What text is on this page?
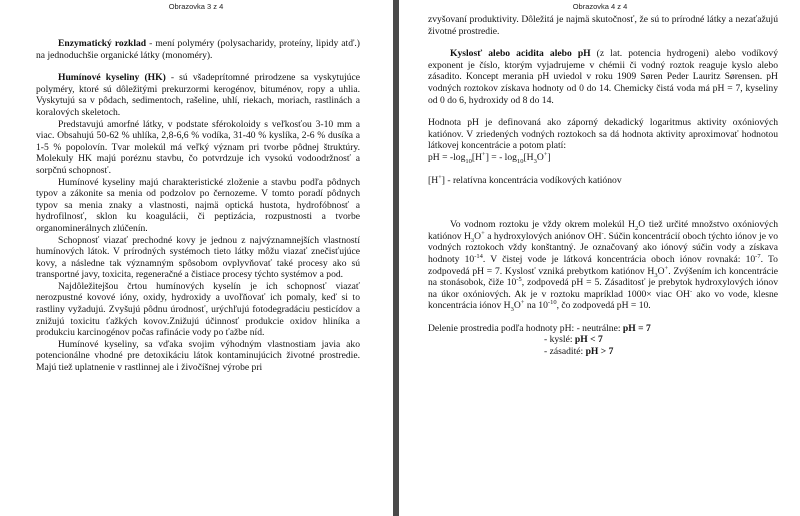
Obrazovka 3 z 4

Enzymatický rozklad - mení polyméry (polysacharidy, proteíny, lipidy atď.) na jednoduchšie organické látky (monoméry).

Humínové kyseliny (HK) - sú všadeprítomné prirodzene sa vyskytujúce polyméry, ktoré sú dôležitými prekurzormi kerogénov, bituménov, ropy a uhlia. Vyskytujú sa v pôdach, sedimentoch, rašeline, uhlí, riekach, moriach, rastlinách a koralových skeletoch.

Predstavujú amorfné látky, v podstate sférokoloidy s veľkosťou 3-10 mm a viac. Obsahujú 50-62 % uhlíka, 2,8-6,6 % vodíka, 31-40 % kyslíka, 2-6 % dusíka a 1-5 % popolovín. Tvar molekúl má veľký význam pri tvorbe pôdnej štruktúry. Molekuly HK majú poréznu stavbu, čo potvrdzuje ich vysokú vodoodržnosť a sorpčnú schopnosť.

Humínové kyseliny majú charakteristické zloženie a stavbu podľa pôdnych typov a zákonite sa menia od podzolov po černozeme. V tomto poradí pôdnych typov sa menia znaky a vlastnosti, najmä optická hustota, hydrofóbnosť a hydrofilnosť, sklon ku koagulácii, či peptizácia, rozpustnosti a tvorbe organominerálnych zlúčenín.

Schopnosť viazať prechodné kovy je jednou z najvýznamnejších vlastností humínových látok. V prírodných systémoch tieto látky môžu viazať znečisťujúce kovy, a následne tak významným spôsobom ovplyvňovať také procesy ako sú transportné javy, toxicita, regeneračné a čistiace procesy týchto systémov a pod.

Najdôležitejšou črtou humínových kyselín je ich schopnosť viazať nerozpustné kovové ióny, oxidy, hydroxidy a uvoľňovať ich pomaly, keď si to rastliny vyžadujú. Zvyšujú pôdnu úrodnosť, urýchľujú fotodegradáciu pesticídov a znižujú toxicitu ťažkých kovov.Znižujú účinnosť produkcie oxidov hliníka a produkciu karcinogénov počas rafinácie vody po ťažbe níd.

Humínové kyseliny, sa vďaka svojim výhodným vlastnostiam javia ako potencionálne vhodné pre detoxikáciu látok kontaminujúcich životné prostredie. Majú tiež uplatnenie v rastlinnej ale i živočíšnej výrobe pri

Obrazovka 4 z 4

zvyšovaní produktivity. Dôležitá je najmä skutočnosť, že sú to prírodné látky a nezaťažujú životné prostredie.

Kyslosť alebo acidita alebo pH (z lat. potencia hydrogeni) alebo vodíkový exponent je číslo, ktorým vyjadrujeme v chémii či vodný roztok reaguje kyslo alebo zásadito. Koncept merania pH uviedol v roku 1909 Søren Peder Lauritz Sørensen. pH vodných roztokov získava hodnoty od 0 do 14. Chemicky čistá voda má pH = 7, kyseliny od 0 do 6, hydroxidy od 8 do 14.

Hodnota pH je definovaná ako záporný dekadický logaritmus aktivity oxóniových katiónov. V zriedených vodných roztokoch sa dá hodnota aktivity aproximovať hodnotou látkovej koncentrácie a potom platí:

pH = $-\log_{10}[H^+]$ = - $\log_{10}[H_3O^+]$

[H+] - relatívna koncentrácia vodíkových katiónov

Vo vodnom roztoku je vždy okrem molekúl $H_2O$ tiež určité množstvo oxóniových katiónov $H_3O^+$ a hydroxylových aniónov OH-. Súčin koncentrácií oboch týchto iónov je vo vodných roztokoch vždy konštantný. Je označovaný ako iónový súčin vody a získava hodnoty $10^{-14}$. V čistej vode je látková koncentrácia oboch iónov rovnaká: $10^{-7}$. To zodpovedá pH = 7. Kyslosť vzniká prebytkom katiónov $H_3O^+$. Zvýšením ich koncentrácie na stonásobok, čiže $10^{-5}$, zodpovedá pH = 5. Zásaditosť je prebytok hydroxylových iónov na úkor oxóniových. Ak je v roztoku mapríklad 1000× viac OH- ako vo vode, klesne koncentrácia iónov $H_3O^+$ na $10^{-10}$, čo zodpovedá pH = 10.

Delenie prostredia podľa hodnoty pH: - neutrálne: pH = 7

- kyslé: pH < 7

- zásadité: pH > 7
